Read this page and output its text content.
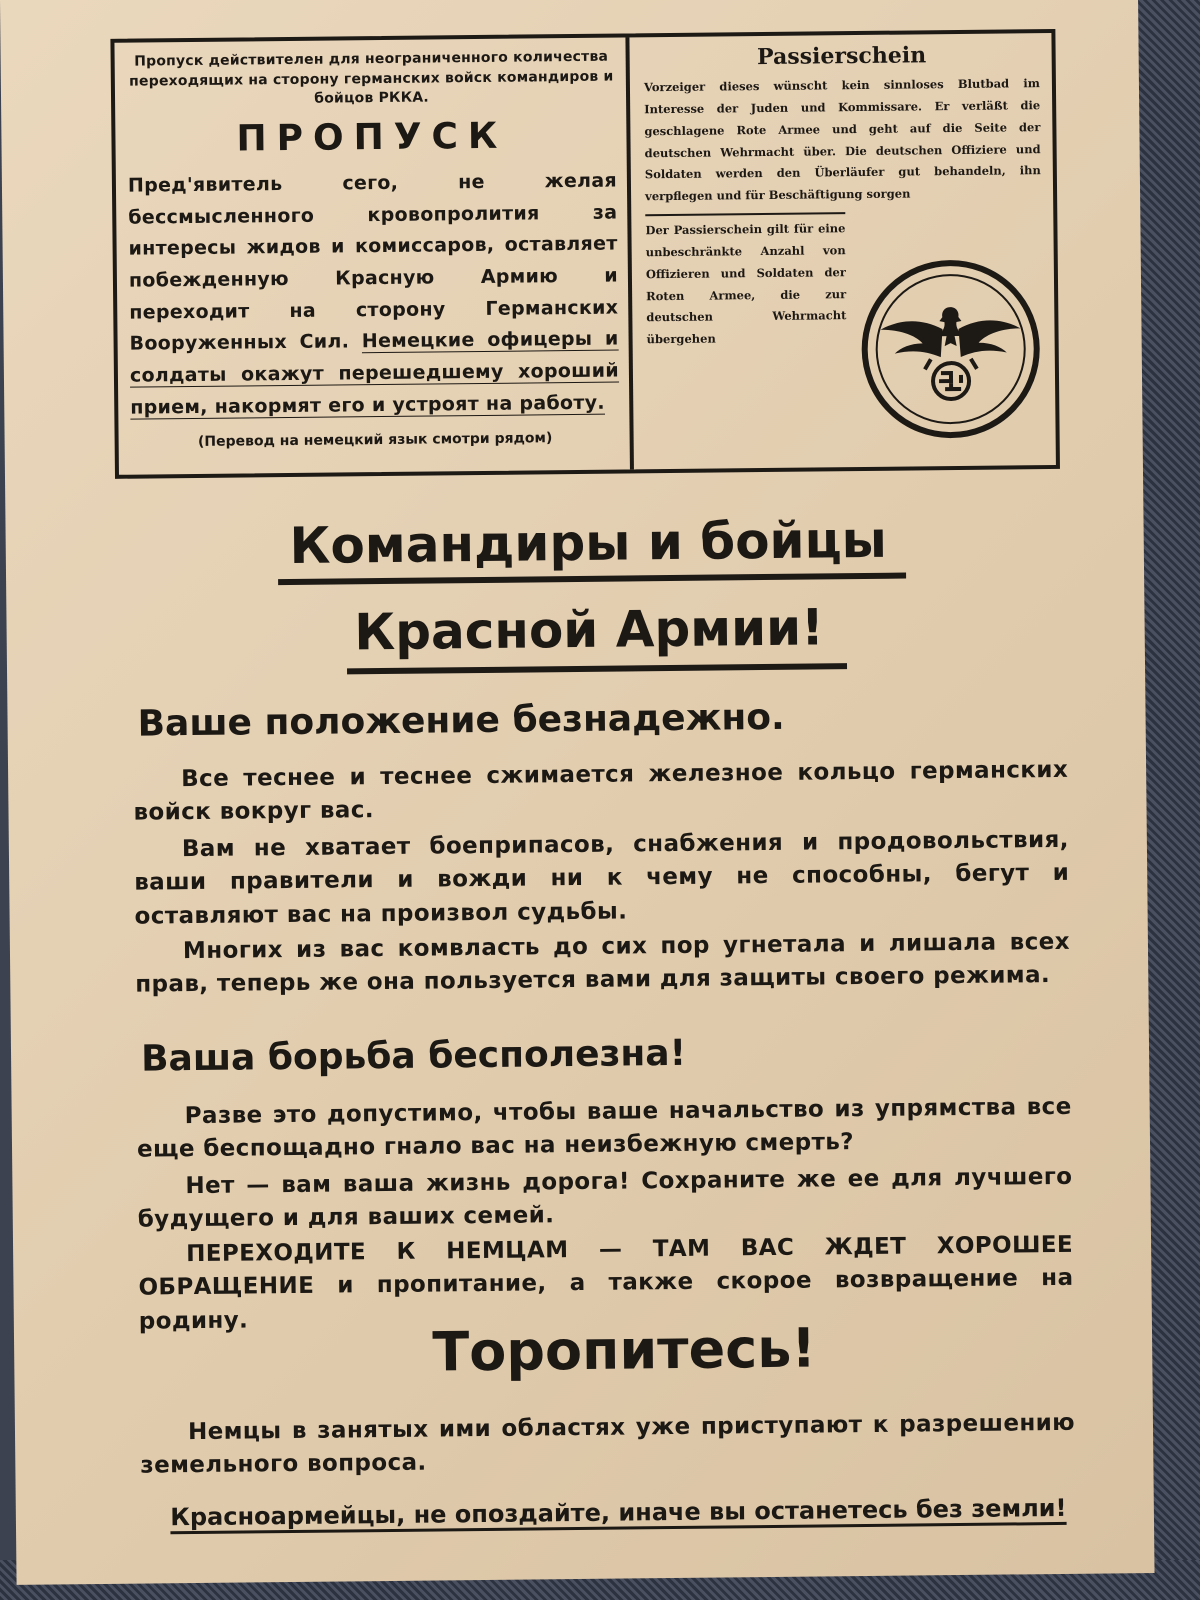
Пропуск действителен для неограниченного количества переходящих на сторону германских войск командиров и бойцов РККА.
ПРОПУСК
Пред'явитель сего, не желая бессмысленного кровопролития за интересы жидов и комиссаров, оставляет побежденную Красную Армию и переходит на сторону Германских Вооруженных Сил. Немецкие офицеры и солдаты окажут перешедшему хороший прием, накормят его и устроят на работу.
(Перевод на немецкий язык смотри рядом)
Passierschein
Vorzeiger dieses wünscht kein sinnloses Blutbad im Interesse der Juden und Kommissare. Er verläßt die geschlagene Rote Armee und geht auf die Seite der deutschen Wehrmacht über. Die deutschen Offiziere und Soldaten werden den Überläufer gut behandeln, ihn verpflegen und für Beschäftigung sorgen
Der Passierschein gilt für eine unbeschränkte Anzahl von Offizieren und Soldaten der Roten Armee, die zur deutschen Wehrmacht übergehen
Командиры и бойцы
Красной Армии!
Ваше положение безнадежно.
Все теснее и теснее сжимается железное кольцо германских войск вокруг вас.
Вам не хватает боеприпасов, снабжения и продовольствия, ваши правители и вожди ни к чему не способны, бегут и оставляют вас на произвол судьбы.
Многих из вас комвласть до сих пор угнетала и лишала всех прав, теперь же она пользуется вами для защиты своего режима.
Ваша борьба бесполезна!
Разве это допустимо, чтобы ваше начальство из упрямства все еще беспощадно гнало вас на неизбежную смерть?
Нет — вам ваша жизнь дорога! Сохраните же ее для лучшего будущего и для ваших семей.
ПЕРЕХОДИТЕ К НЕМЦАМ — ТАМ ВАС ЖДЕТ ХОРОШЕЕ ОБРАЩЕНИЕ и пропитание, а также скорое возвращение на родину.	Торопитесь!
Немцы в занятых ими областях уже приступают к разрешению земельного вопроса.
Красноармейцы, не опоздайте, иначе вы останетесь без земли!
